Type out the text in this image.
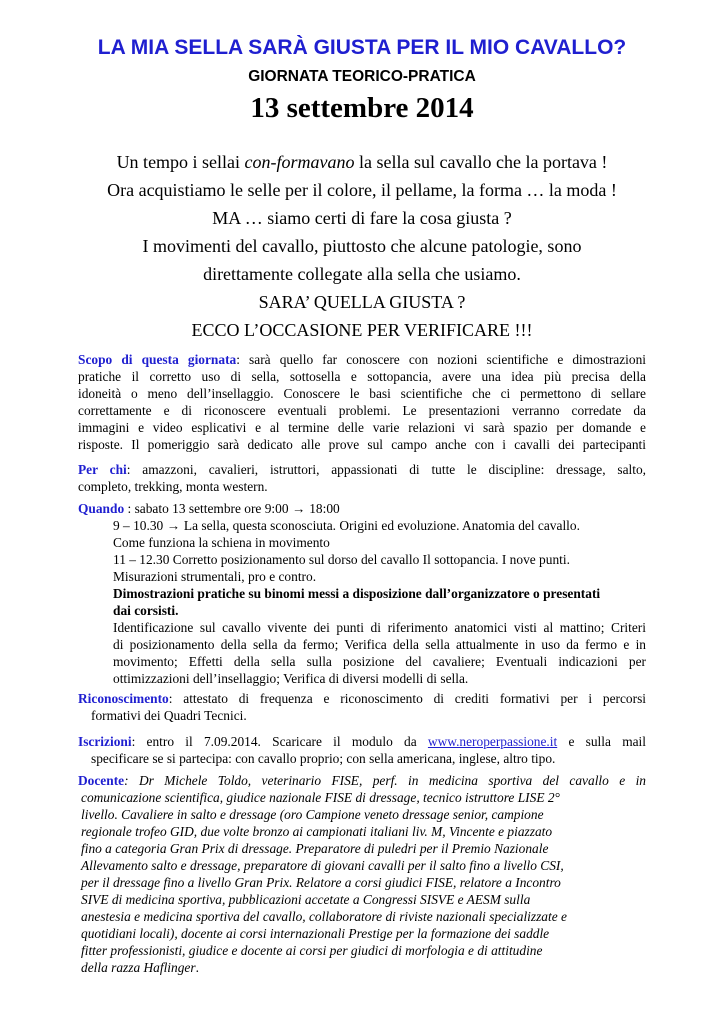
LA MIA SELLA SARÀ GIUSTA PER IL MIO CAVALLO?
GIORNATA TEORICO-PRATICA
13 settembre 2014
Un tempo i sellai con-formavano la sella sul cavallo che la portava !
Ora acquistiamo le selle per il colore, il pellame, la forma … la moda !
MA … siamo certi di fare la cosa giusta ?
I movimenti del cavallo, piuttosto che alcune patologie, sono
direttamente collegate alla sella che usiamo.
SARA’ QUELLA GIUSTA ?
ECCO L’OCCASIONE PER VERIFICARE !!!
Scopo di questa giornata: sarà quello far conoscere con nozioni scientifiche e dimostrazioni
pratiche il corretto uso di sella, sottosella e sottopancia, avere una idea più precisa della
idoneità o meno dell’insellaggio. Conoscere le basi scientifiche che ci permettono di sellare
correttamente e di riconoscere eventuali problemi. Le presentazioni verranno corredate da
immagini e video esplicativi e al termine delle varie relazioni vi sarà spazio per domande e
risposte. Il pomeriggio sarà dedicato alle prove sul campo anche con i cavalli dei partecipanti
Per chi: amazzoni, cavalieri, istruttori, appassionati di tutte le discipline: dressage, salto,
completo, trekking, monta western.
Quando : sabato 13 settembre ore 9:00 → 18:00
9 – 10.30 → La sella, questa sconosciuta. Origini ed evoluzione. Anatomia del cavallo.
Come funziona la schiena in movimento
11 – 12.30 Corretto posizionamento sul dorso del cavallo Il sottopancia. I nove punti.
Misurazioni strumentali, pro e contro.
Dimostrazioni pratiche su binomi messi a disposizione dall’organizzatore o presentati
dai corsisti.
Identificazione sul cavallo vivente dei punti di riferimento anatomici visti al mattino; Criteri
di posizionamento della sella da fermo; Verifica della sella attualmente in uso da fermo e in
movimento; Effetti della sella sulla posizione del cavaliere; Eventuali indicazioni per
ottimizzazioni dell’insellaggio; Verifica di diversi modelli di sella.
Riconoscimento: attestato di frequenza e riconoscimento di crediti formativi per i percorsi
formativi dei Quadri Tecnici.
Iscrizioni: entro il 7.09.2014. Scaricare il modulo da www.neroperpassione.it e sulla mail
specificare se si partecipa: con cavallo proprio; con sella americana, inglese, altro tipo.
Docente: Dr Michele Toldo, veterinario FISE, perf. in medicina sportiva del cavallo e in
comunicazione scientifica, giudice nazionale FISE di dressage, tecnico istruttore LISE 2°
livello. Cavaliere in salto e dressage (oro Campione veneto dressage senior, campione
regionale trofeo GID, due volte bronzo ai campionati italiani liv. M, Vincente e piazzato
fino a categoria Gran Prix di dressage. Preparatore di puledri per il Premio Nazionale
Allevamento salto e dressage, preparatore di giovani cavalli per il salto fino a livello CSI,
per il dressage fino a livello Gran Prix. Relatore a corsi giudici FISE, relatore a Incontro
SIVE di medicina sportiva, pubblicazioni accetate a Congressi SISVE e AESM sulla
anestesia e medicina sportiva del cavallo, collaboratore di riviste nazionali specializzate e
quotidiani locali), docente ai corsi internazionali Prestige per la formazione dei saddle
fitter professionisti, giudice e docente ai corsi per giudici di morfologia e di attitudine
della razza Haflinger.
